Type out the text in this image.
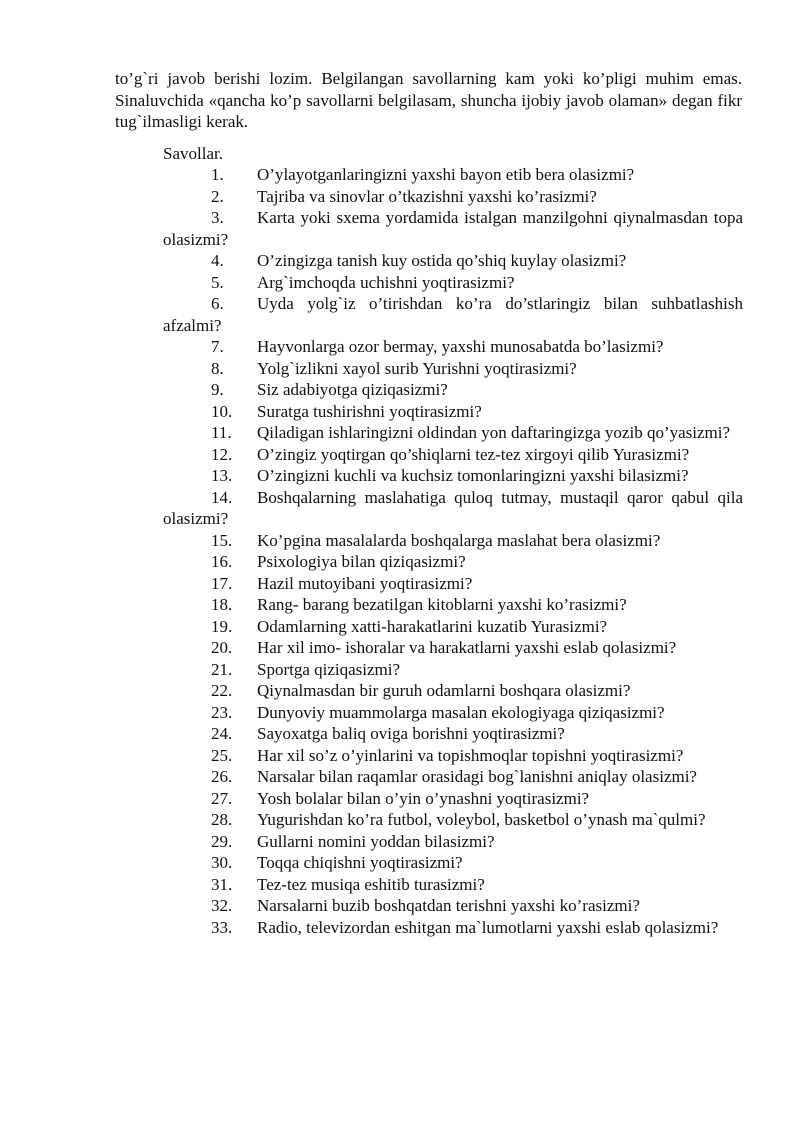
to’g`ri javob berishi lozim. Belgilangan savollarning kam yoki ko’pligi muhim emas. Sinaluvchida «qancha ko’p savollarni belgilasam, shuncha ijobiy javob olaman» degan fikr tug`ilmasligi kerak.

Savollar.

1. O’ylayotganlaringizni yaxshi bayon etib bera olasizmi?
2. Tajriba va sinovlar o’tkazishni yaxshi ko’rasizmi?
3. Karta yoki sxema yordamida istalgan manzilgohni qiynalmasdan topa olasizmi?
4. O’zingizga tanish kuy ostida qo’shiq kuylay olasizmi?
5. Arg`imchoqda uchishni yoqtirasizmi?
6. Uyda yolg`iz o’tirishdan ko’ra do’stlaringiz bilan suhbatlashish afzalmi?
7. Hayvonlarga ozor bermay, yaxshi munosabatda bo’lasizmi?
8. Yolg`izlikni xayol surib Yurishni yoqtirasizmi?
9. Siz adabiyotga qiziqasizmi?
10. Suratga tushirishni yoqtirasizmi?
11. Qiladigan ishlaringizni oldindan yon daftaringizga yozib qo’yasizmi?
12. O’zingiz yoqtirgan qo’shiqlarni tez-tez xirgoyi qilib Yurasizmi?
13. O’zingizni kuchli va kuchsiz tomonlaringizni yaxshi bilasizmi?
14. Boshqalarning maslahatiga quloq tutmay, mustaqil qaror qabul qila olasizmi?
15. Ko’pgina masalalarda boshqalarga maslahat bera olasizmi?
16. Psixologiya bilan qiziqasizmi?
17. Hazil mutoyibani yoqtirasizmi?
18. Rang- barang bezatilgan kitoblarni yaxshi ko’rasizmi?
19. Odamlarning xatti-harakatlarini kuzatib Yurasizmi?
20. Har xil imo- ishoralar va harakatlarni yaxshi eslab qolasizmi?
21. Sportga qiziqasizmi?
22. Qiynalmasdan bir guruh odamlarni boshqara olasizmi?
23. Dunyoviy muammolarga masalan ekologiyaga qiziqasizmi?
24. Sayoxatga baliq oviga borishni yoqtirasizmi?
25. Har xil so’z o’yinlarini va topishmoqlar topishni yoqtirasizmi?
26. Narsalar bilan raqamlar orasidagi bog`lanishni aniqlay olasizmi?
27. Yosh bolalar bilan o’yin o’ynashni yoqtirasizmi?
28. Yugurishdan ko’ra futbol, voleybol, basketbol o’ynash ma`qulmi?
29. Gullarni nomini yoddan bilasizmi?
30. Toqqa chiqishni yoqtirasizmi?
31. Tez-tez musiqa eshitib turasizmi?
32. Narsalarni buzib boshqatdan terishni yaxshi ko’rasizmi?
33. Radio, televizordan eshitgan ma`lumotlarni yaxshi eslab qolasizmi?
